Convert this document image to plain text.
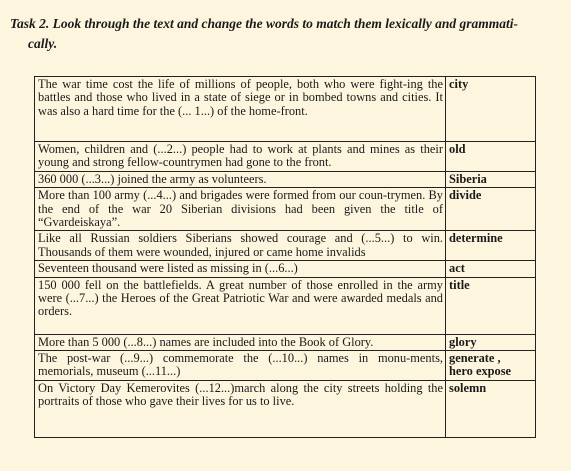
Task 2. Look through the text and change the words to match them lexically and grammati-
cally.
The war time cost the life of millions of people, both who were fight-ing the battles and those who lived in a state of siege or in bombed towns and cities. It was also a hard time for the (... 1...) of the home-front.	city

Women, children and (...2...) people had to work at plants and mines as their young and strong fellow-countrymen had gone to the front.	old

360 000 (...3...) joined the army as volunteers.	Siberia

More than 100 army (...4...) and brigades were formed from our coun-trymen. By the end of the war 20 Siberian divisions had been given the title of “Gvardeiskaya”.	divide

Like all Russian soldiers Siberians showed courage and (...5...) to win. Thousands of them were wounded, injured or came home invalids	determine

Seventeen thousand were listed as missing in (...6...)	act

150 000 fell on the battlefields. A great number of those enrolled in the army were (...7...) the Heroes of the Great Patriotic War and were awarded medals and orders.	title

More than 5 000 (...8...) names are included into the Book of Glory.	glory

The post-war (...9...) commemorate the (...10...) names in monu-ments, memorials, museum (...11...)	generate ,
hero expose

On Victory Day Kemerovites (...12...)march along the city streets holding the portraits of those who gave their lives for us to live.	solemn
